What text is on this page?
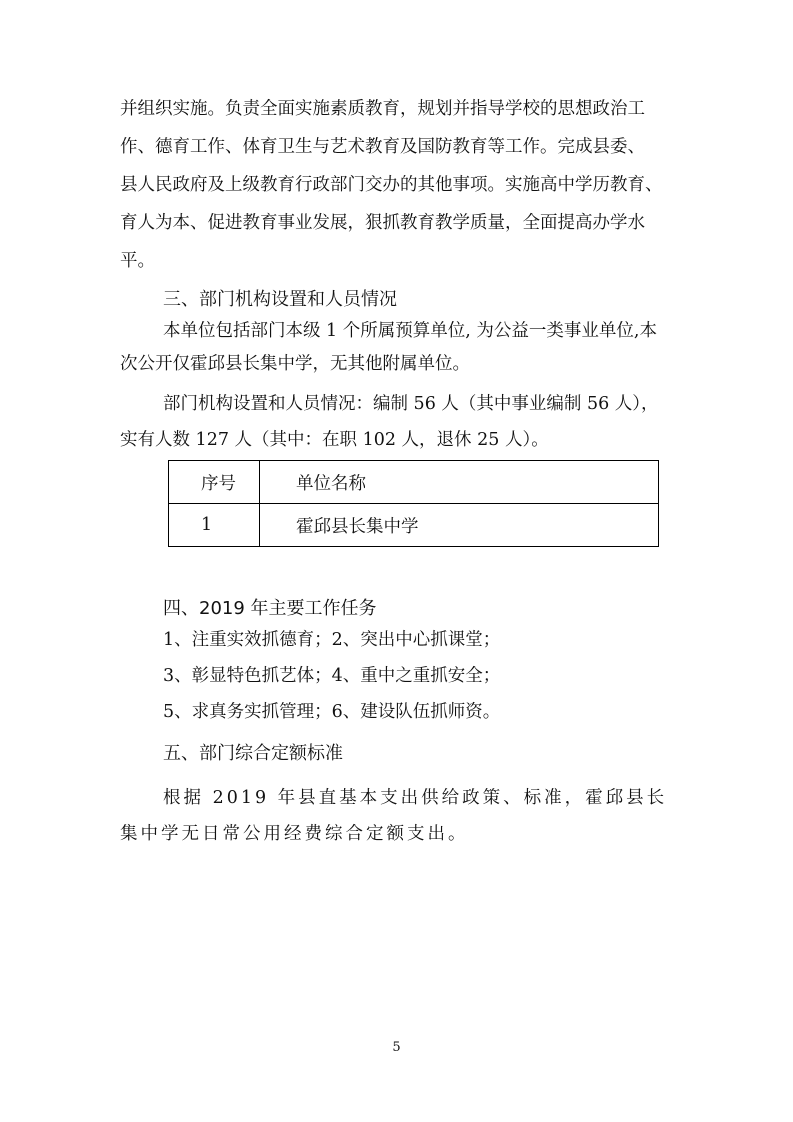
并组织实施。负责全面实施素质教育，规划并指导学校的思想政治工
作、德育工作、体育卫生与艺术教育及国防教育等工作。完成县委、
县人民政府及上级教育行政部门交办的其他事项。实施高中学历教育、
育人为本、促进教育事业发展，狠抓教育教学质量，全面提高办学水
平。
三、部门机构设置和人员情况
本单位包括部门本级 1 个所属预算单位, 为公益一类事业单位,本
次公开仅霍邱县长集中学，无其他附属单位。
部门机构设置和人员情况：编制 56 人（其中事业编制 56 人），
实有人数 127 人（其中：在职 102 人，退休 25 人）。
序号	单位名称
1	霍邱县长集中学
四、2019 年主要工作任务
1、注重实效抓德育；2、突出中心抓课堂；
3、彰显特色抓艺体；4、重中之重抓安全；
5、求真务实抓管理；6、建设队伍抓师资。
五、部门综合定额标准
根据 2019 年县直基本支出供给政策、标准，霍邱县长
集中学无日常公用经费综合定额支出。
5
